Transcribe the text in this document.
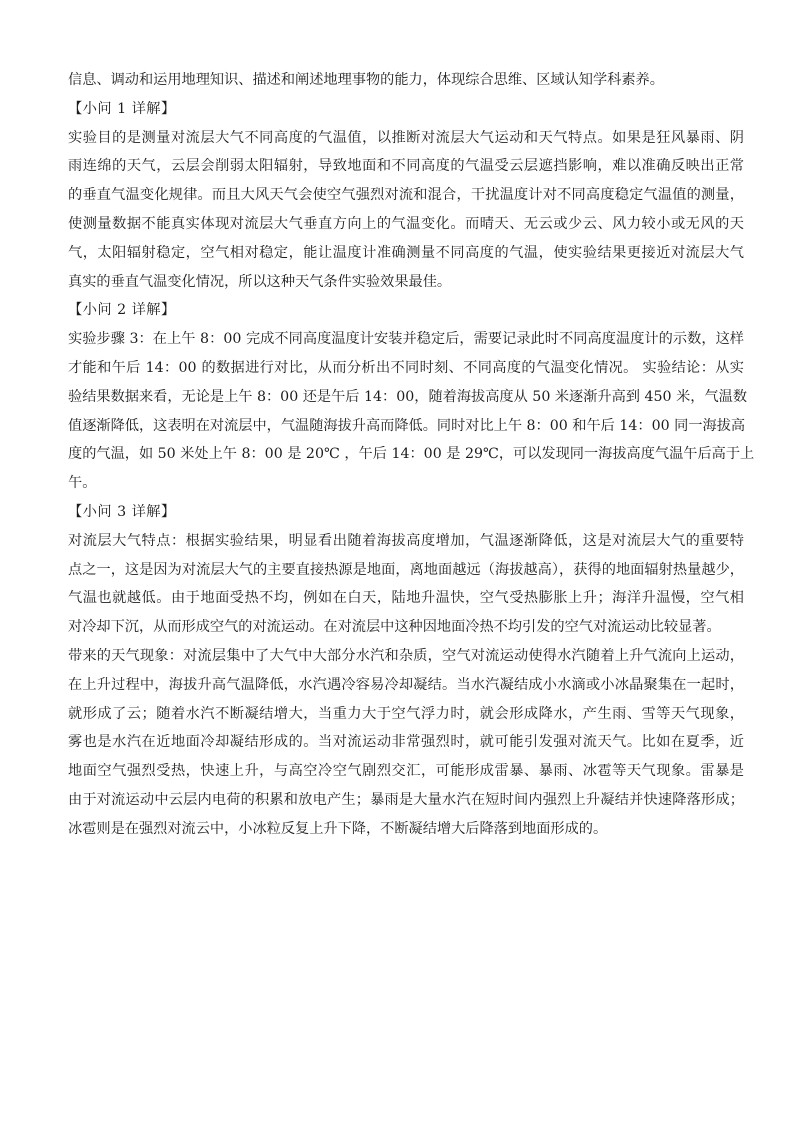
信息、调动和运用地理知识、描述和阐述地理事物的能力，体现综合思维、区域认知学科素养。

【小问 1 详解】

实验目的是测量对流层大气不同高度的气温值，以推断对流层大气运动和天气特点。如果是狂风暴雨、阴

雨连绵的天气，云层会削弱太阳辐射，导致地面和不同高度的气温受云层遮挡影响，难以准确反映出正常

的垂直气温变化规律。而且大风天气会使空气强烈对流和混合，干扰温度计对不同高度稳定气温值的测量，

使测量数据不能真实体现对流层大气垂直方向上的气温变化。而晴天、无云或少云、风力较小或无风的天

气，太阳辐射稳定，空气相对稳定，能让温度计准确测量不同高度的气温，使实验结果更接近对流层大气

真实的垂直气温变化情况，所以这种天气条件实验效果最佳。

【小问 2 详解】

实验步骤 3：在上午 8：00 完成不同高度温度计安装并稳定后，需要记录此时不同高度温度计的示数，这样

才能和午后 14：00 的数据进行对比，从而分析出不同时刻、不同高度的气温变化情况。 实验结论：从实

验结果数据来看，无论是上午 8：00 还是午后 14：00，随着海拔高度从 50 米逐渐升高到 450 米，气温数

值逐渐降低，这表明在对流层中，气温随海拔升高而降低。同时对比上午 8：00 和午后 14：00 同一海拔高

度的气温，如 50 米处上午 8：00 是 20℃ ，午后 14：00 是 29℃，可以发现同一海拔高度气温午后高于上

午。

【小问 3 详解】

对流层大气特点：根据实验结果，明显看出随着海拔高度增加，气温逐渐降低，这是对流层大气的重要特

点之一，这是因为对流层大气的主要直接热源是地面，离地面越远（海拔越高），获得的地面辐射热量越少，

气温也就越低。由于地面受热不均，例如在白天，陆地升温快，空气受热膨胀上升；海洋升温慢，空气相

对冷却下沉，从而形成空气的对流运动。在对流层中这种因地面冷热不均引发的空气对流运动比较显著。

带来的天气现象：对流层集中了大气中大部分水汽和杂质，空气对流运动使得水汽随着上升气流向上运动，

在上升过程中，海拔升高气温降低，水汽遇冷容易冷却凝结。当水汽凝结成小水滴或小冰晶聚集在一起时，

就形成了云；随着水汽不断凝结增大，当重力大于空气浮力时，就会形成降水，产生雨、雪等天气现象，

雾也是水汽在近地面冷却凝结形成的。当对流运动非常强烈时，就可能引发强对流天气。比如在夏季，近

地面空气强烈受热，快速上升，与高空冷空气剧烈交汇，可能形成雷暴、暴雨、冰雹等天气现象。雷暴是

由于对流运动中云层内电荷的积累和放电产生；暴雨是大量水汽在短时间内强烈上升凝结并快速降落形成；

冰雹则是在强烈对流云中，小冰粒反复上升下降，不断凝结增大后降落到地面形成的。
